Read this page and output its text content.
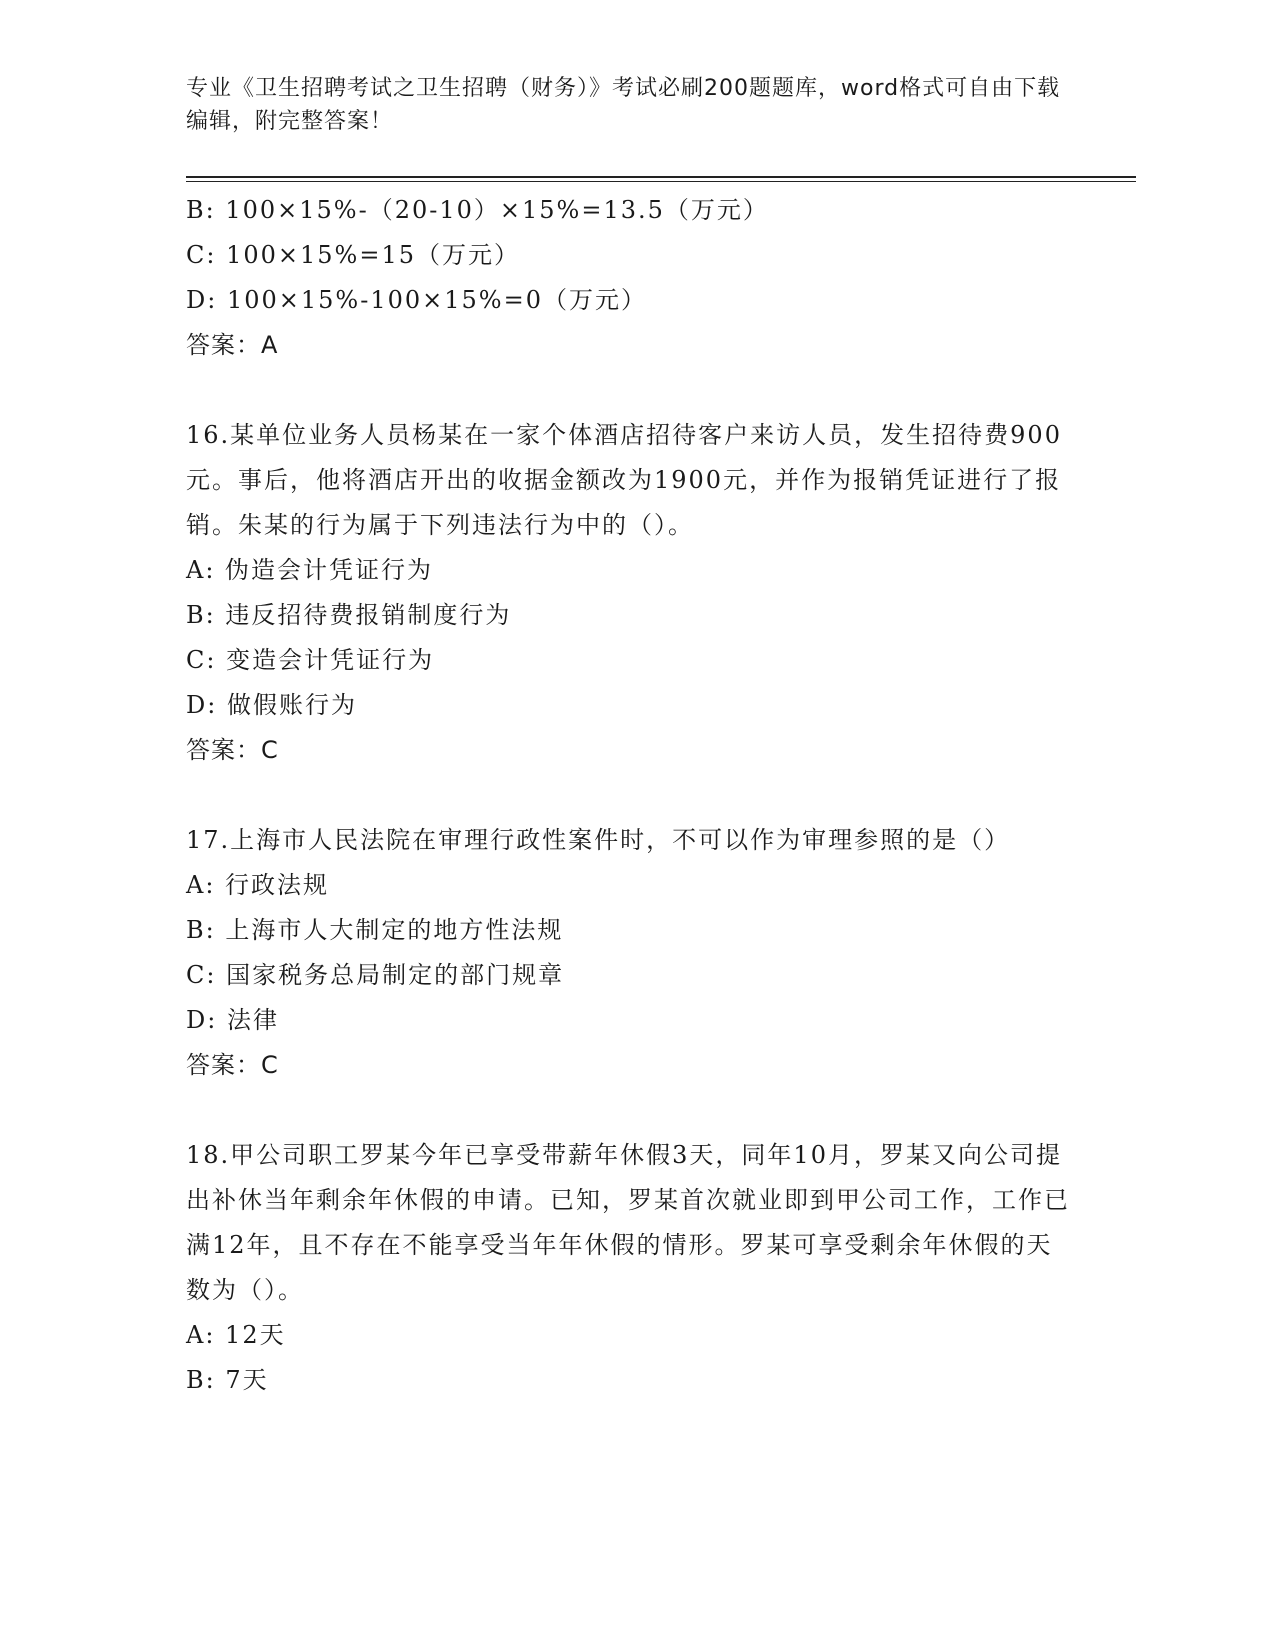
专业《卫生招聘考试之卫生招聘（财务）》考试必刷200题题库，word格式可自由下载编辑，附完整答案！

B: 100×15%-（20-10）×15%=13.5（万元）

C: 100×15%=15（万元）

D: 100×15%-100×15%=0（万元）

答案：A

16.某单位业务人员杨某在一家个体酒店招待客户来访人员，发生招待费900元。事后，他将酒店开出的收据金额改为1900元，并作为报销凭证进行了报销。朱某的行为属于下列违法行为中的（）。

A: 伪造会计凭证行为

B: 违反招待费报销制度行为

C: 变造会计凭证行为

D: 做假账行为

答案：C

17.上海市人民法院在审理行政性案件时，不可以作为审理参照的是（）

A: 行政法规

B: 上海市人大制定的地方性法规

C: 国家税务总局制定的部门规章

D: 法律

答案：C

18.甲公司职工罗某今年已享受带薪年休假3天，同年10月，罗某又向公司提出补休当年剩余年休假的申请。已知，罗某首次就业即到甲公司工作，工作已满12年，且不存在不能享受当年年休假的情形。罗某可享受剩余年休假的天数为（）。

A: 12天

B: 7天
